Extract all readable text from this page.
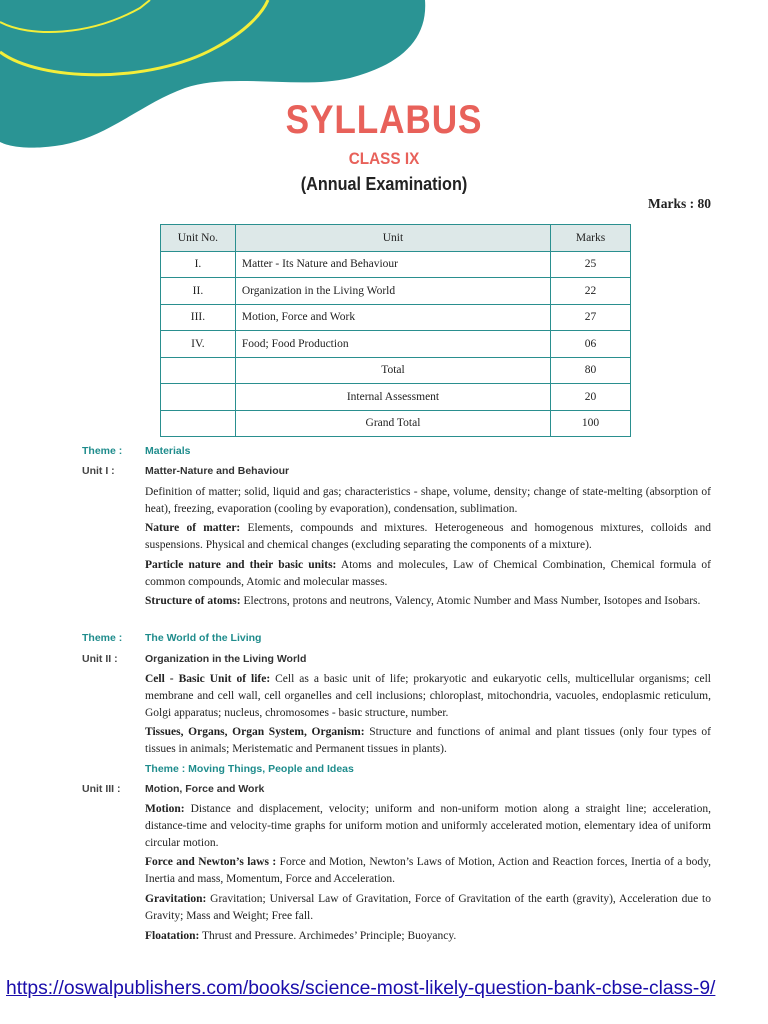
SYLLABUS
CLASS IX
(Annual Examination)
Marks : 80
Unit No.	Unit	Marks
I.	Matter - Its Nature and Behaviour	25
II.	Organization in the Living World	22
III.	Motion, Force and Work	27
IV.	Food; Food Production	06
	Total	80
	Internal Assessment	20
	Grand Total	100
Theme : Materials
Unit I :	Matter-Nature and Behaviour
Definition of matter; solid, liquid and gas; characteristics - shape, volume, density; change of state-melting (absorption of heat), freezing, evaporation (cooling by evaporation), condensation, sublimation.
Nature of matter: Elements, compounds and mixtures. Heterogeneous and homogenous mixtures, colloids and suspensions. Physical and chemical changes (excluding separating the components of a mixture).
Particle nature and their basic units: Atoms and molecules, Law of Chemical Combination, Chemical formula of common compounds, Atomic and molecular masses.
Structure of atoms: Electrons, protons and neutrons, Valency, Atomic Number and Mass Number, Isotopes and Isobars.
Theme : The World of the Living
Unit II :	Organization in the Living World
Cell - Basic Unit of life: Cell as a basic unit of life; prokaryotic and eukaryotic cells, multicellular organisms; cell membrane and cell wall, cell organelles and cell inclusions; chloroplast, mitochondria, vacuoles, endoplasmic reticulum, Golgi apparatus; nucleus, chromosomes - basic structure, number.
Tissues, Organs, Organ System, Organism: Structure and functions of animal and plant tissues (only four types of tissues in animals; Meristematic and Permanent tissues in plants).
Theme : Moving Things, People and Ideas
Unit III : Motion, Force and Work
Motion: Distance and displacement, velocity; uniform and non-uniform motion along a straight line; acceleration, distance-time and velocity-time graphs for uniform motion and uniformly accelerated motion, elementary idea of uniform circular motion.
Force and Newton’s laws : Force and Motion, Newton’s Laws of Motion, Action and Reaction forces, Inertia of a body, Inertia and mass, Momentum, Force and Acceleration.
Gravitation: Gravitation; Universal Law of Gravitation, Force of Gravitation of the earth (gravity), Acceleration due to Gravity; Mass and Weight; Free fall.
Floatation: Thrust and Pressure. Archimedes’ Principle; Buoyancy.
https://oswalpublishers.com/books/science-most-likely-question-bank-cbse-class-9/
